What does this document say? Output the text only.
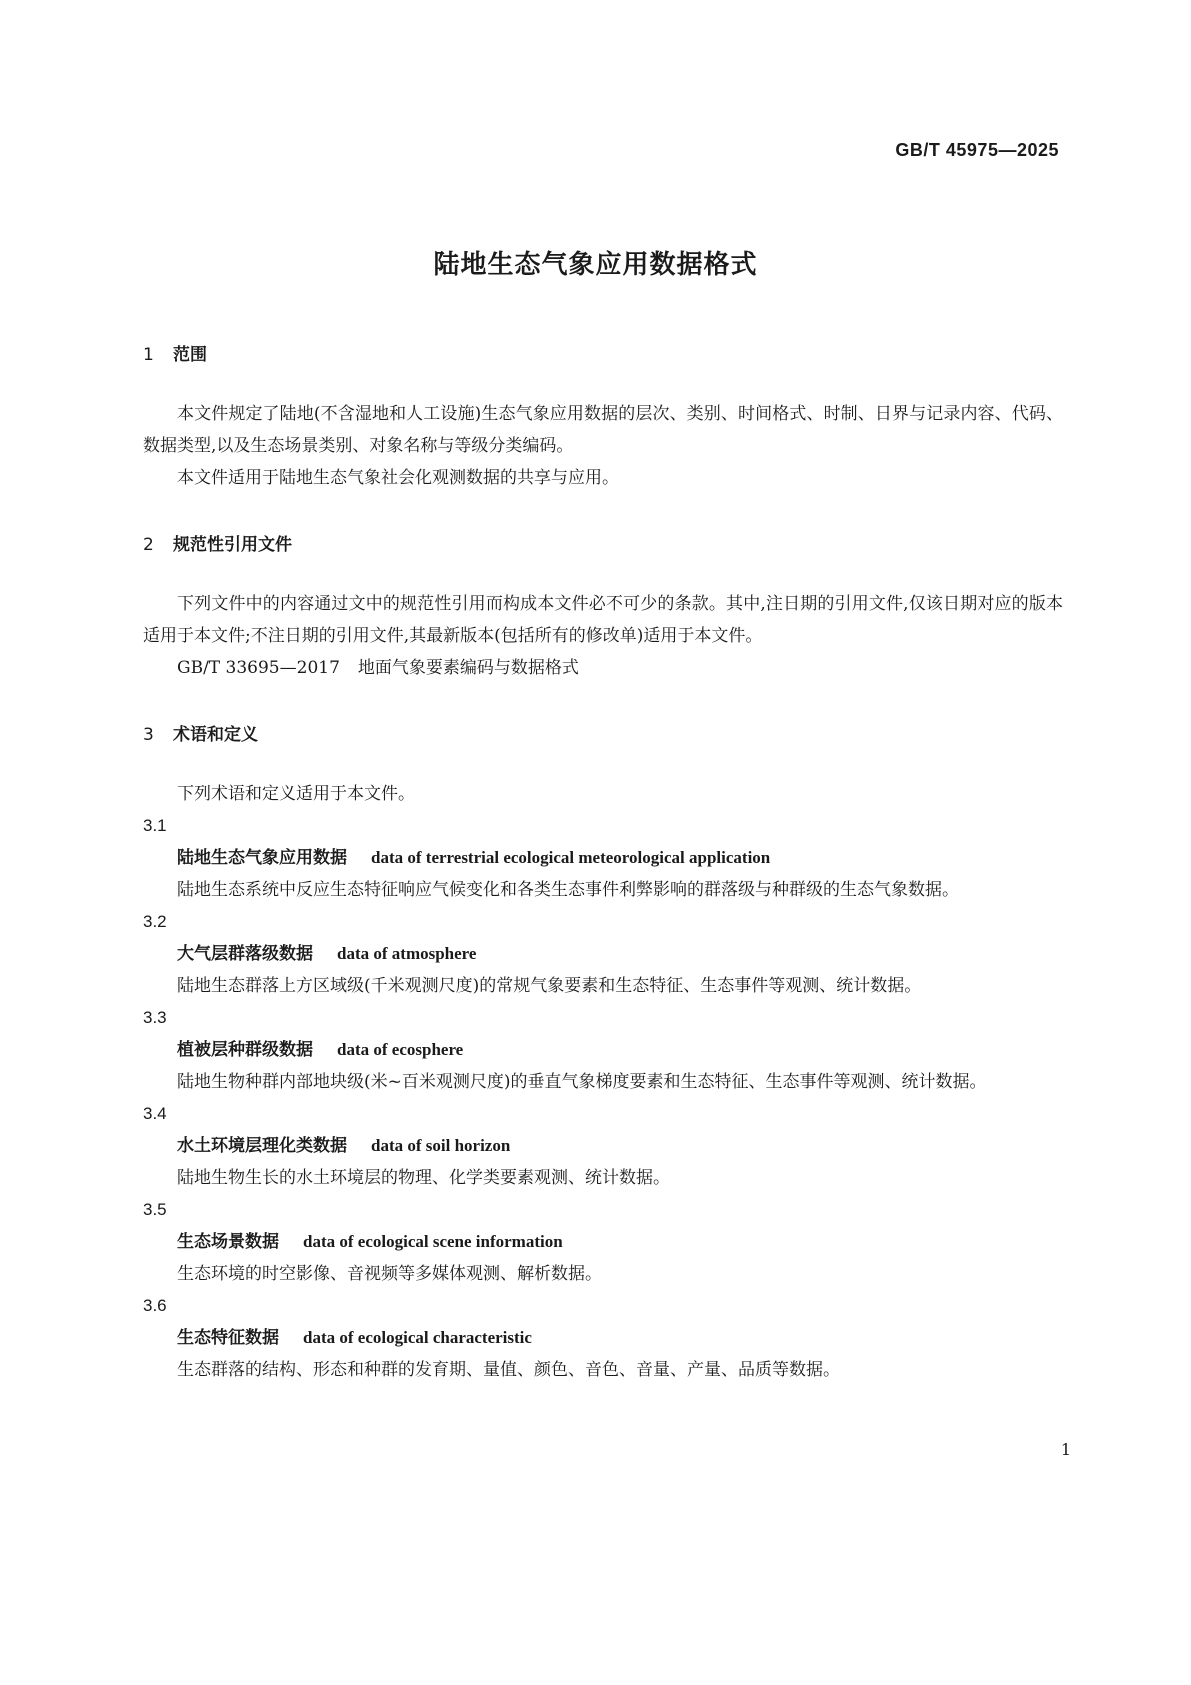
GB/T 45975—2025
陆地生态气象应用数据格式
1 范围

本文件规定了陆地(不含湿地和人工设施)生态气象应用数据的层次、类别、时间格式、时制、日界与记录内容、代码、数据类型,以及生态场景类别、对象名称与等级分类编码。

本文件适用于陆地生态气象社会化观测数据的共享与应用。

2 规范性引用文件

下列文件中的内容通过文中的规范性引用而构成本文件必不可少的条款。其中,注日期的引用文件,仅该日期对应的版本适用于本文件;不注日期的引用文件,其最新版本(包括所有的修改单)适用于本文件。

GB/T 33695—2017 地面气象要素编码与数据格式

3 术语和定义

下列术语和定义适用于本文件。

3.1

陆地生态气象应用数据 data of terrestrial ecological meteorological application

陆地生态系统中反应生态特征响应气候变化和各类生态事件利弊影响的群落级与种群级的生态气象数据。

3.2

大气层群落级数据 data of atmosphere

陆地生态群落上方区域级(千米观测尺度)的常规气象要素和生态特征、生态事件等观测、统计数据。

3.3

植被层种群级数据 data of ecosphere

陆地生物种群内部地块级(米~百米观测尺度)的垂直气象梯度要素和生态特征、生态事件等观测、统计数据。

3.4

水土环境层理化类数据 data of soil horizon

陆地生物生长的水土环境层的物理、化学类要素观测、统计数据。

3.5

生态场景数据 data of ecological scene information

生态环境的时空影像、音视频等多媒体观测、解析数据。

3.6

生态特征数据 data of ecological characteristic

生态群落的结构、形态和种群的发育期、量值、颜色、音色、音量、产量、品质等数据。

1
